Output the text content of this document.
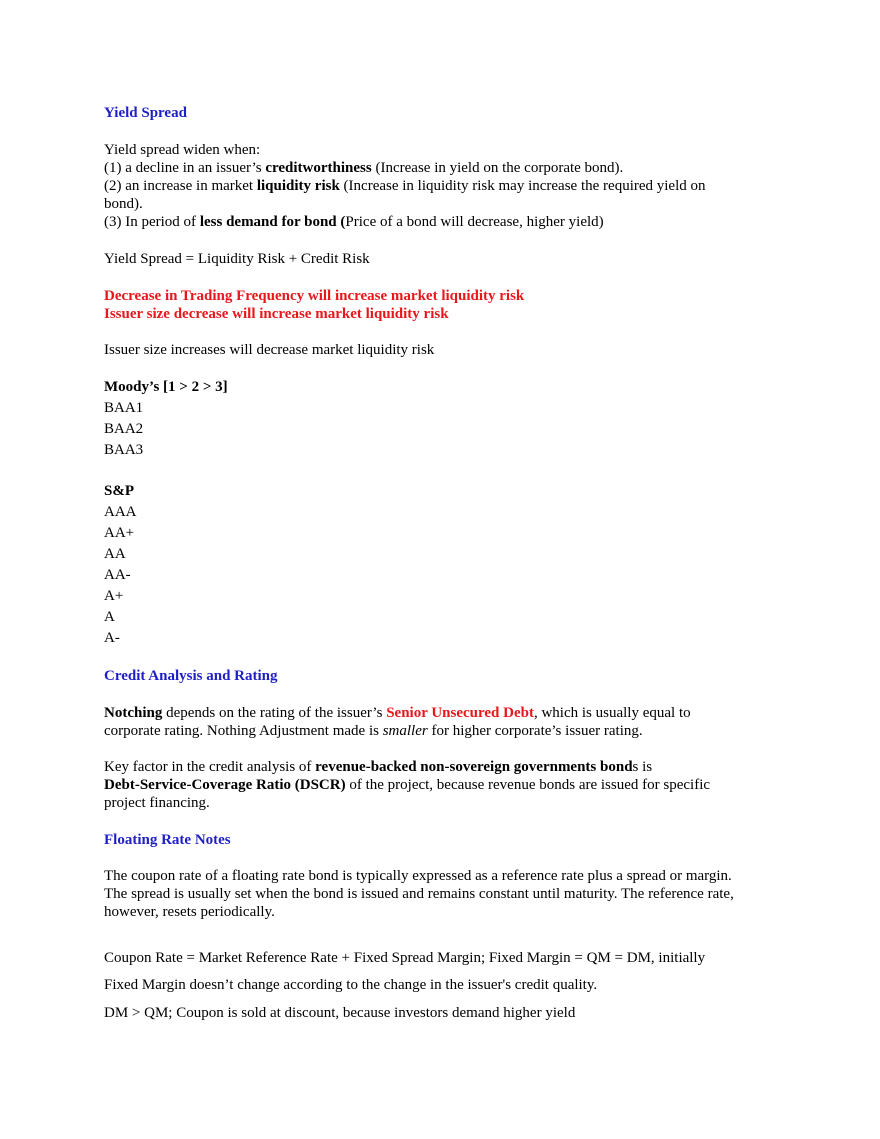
Yield Spread
Yield spread widen when:
(1) a decline in an issuer’s creditworthiness (Increase in yield on the corporate bond).
(2) an increase in market liquidity risk (Increase in liquidity risk may increase the required yield on
bond).
(3) In period of less demand for bond (Price of a bond will decrease, higher yield)
Yield Spread = Liquidity Risk + Credit Risk
Decrease in Trading Frequency will increase market liquidity risk
Issuer size decrease will increase market liquidity risk
Issuer size increases will decrease market liquidity risk
Moody’s [1 > 2 > 3]
BAA1
BAA2
BAA3
S&P
AAA
AA+
AA
AA-
A+
A
A-
Credit Analysis and Rating
Notching depends on the rating of the issuer’s Senior Unsecured Debt, which is usually equal to
corporate rating. Nothing Adjustment made is smaller for higher corporate’s issuer rating.
Key factor in the credit analysis of revenue-backed non-sovereign governments bonds is
Debt-Service-Coverage Ratio (DSCR) of the project, because revenue bonds are issued for specific
project financing.
Floating Rate Notes
The coupon rate of a floating rate bond is typically expressed as a reference rate plus a spread or margin.
The spread is usually set when the bond is issued and remains constant until maturity. The reference rate,
however, resets periodically.
Coupon Rate = Market Reference Rate + Fixed Spread Margin; Fixed Margin = QM = DM, initially
Fixed Margin doesn’t change according to the change in the issuer's credit quality.
DM > QM; Coupon is sold at discount, because investors demand higher yield
